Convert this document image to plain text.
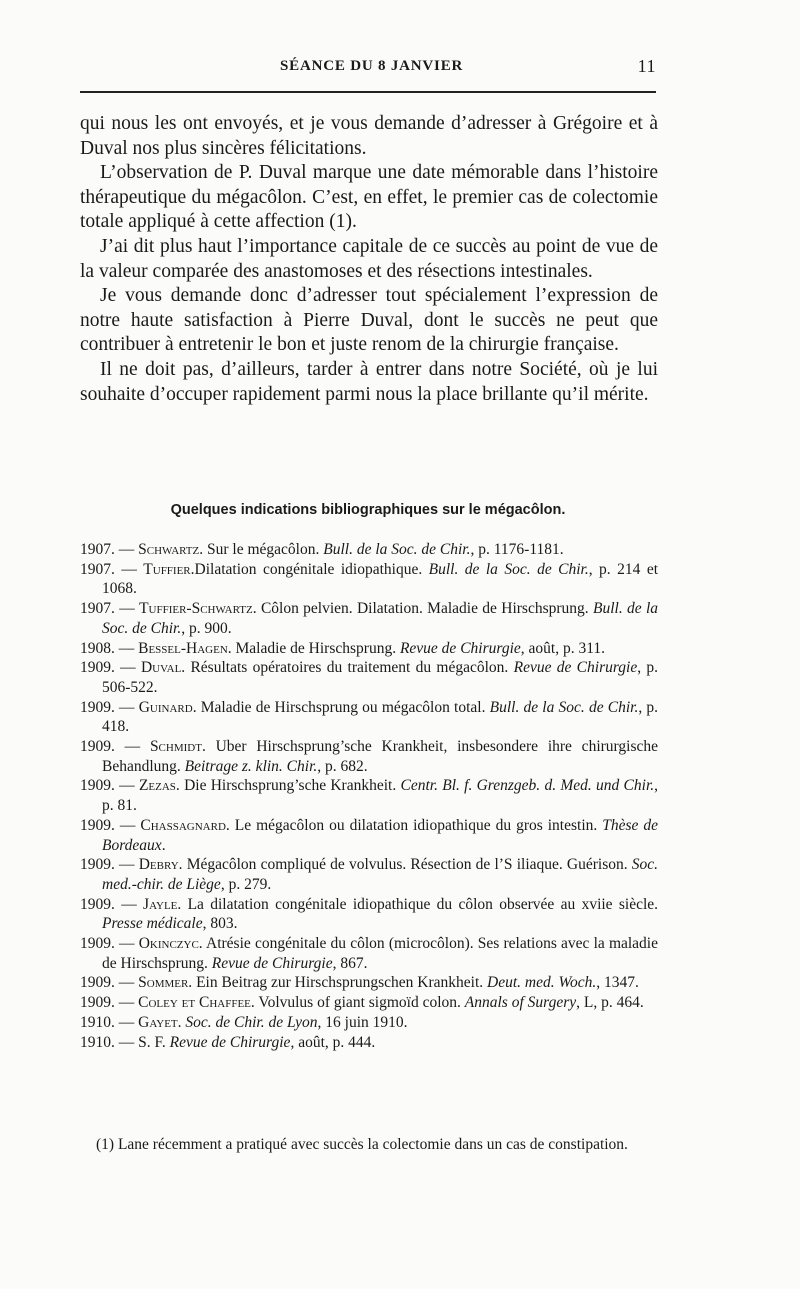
SÉANCE DU 8 JANVIER	11

qui nous les ont envoyés, et je vous demande d’adresser à Grégoire et à Duval nos plus sincères félicitations.

L’observation de P. Duval marque une date mémorable dans l’histoire thérapeutique du mégacôlon. C’est, en effet, le premier cas de colectomie totale appliqué à cette affection (1).

J’ai dit plus haut l’importance capitale de ce succès au point de vue de la valeur comparée des anastomoses et des résections intestinales.

Je vous demande donc d’adresser tout spécialement l’expression de notre haute satisfaction à Pierre Duval, dont le succès ne peut que contribuer à entretenir le bon et juste renom de la chirurgie française.

Il ne doit pas, d’ailleurs, tarder à entrer dans notre Société, où je lui souhaite d’occuper rapidement parmi nous la place brillante qu’il mérite.

Quelques indications bibliographiques sur le mégacôlon.

1907. — Schwartz. Sur le mégacôlon. Bull. de la Soc. de Chir., p. 1176-1181.

1907. — Tuffier.Dilatation congénitale idiopathique. Bull. de la Soc. de Chir., p. 214 et 1068.

1907. — Tuffier-Schwartz. Côlon pelvien. Dilatation. Maladie de Hirschsprung. Bull. de la Soc. de Chir., p. 900.

1908. — Bessel-Hagen. Maladie de Hirschsprung. Revue de Chirurgie, août, p. 311.

1909. — Duval. Résultats opératoires du traitement du mégacôlon. Revue de Chirurgie, p. 506-522.

1909. — Guinard. Maladie de Hirschsprung ou mégacôlon total. Bull. de la Soc. de Chir., p. 418.

1909. — Schmidt. Uber Hirschsprung’sche Krankheit, insbesondere ihre chirurgische Behandlung. Beitrage z. klin. Chir., p. 682.

1909. — Zezas. Die Hirschsprung’sche Krankheit. Centr. Bl. f. Grenzgeb. d. Med. und Chir., p. 81.

1909. — Chassagnard. Le mégacôlon ou dilatation idiopathique du gros intestin. Thèse de Bordeaux.

1909. — Debry. Mégacôlon compliqué de volvulus. Résection de l’S iliaque. Guérison. Soc. med.-chir. de Liège, p. 279.

1909. — Jayle. La dilatation congénitale idiopathique du côlon observée au xviie siècle. Presse médicale, 803.

1909. — Okinczyc. Atrésie congénitale du côlon (microcôlon). Ses relations avec la maladie de Hirschsprung. Revue de Chirurgie, 867.

1909. — Sommer. Ein Beitrag zur Hirschsprungschen Krankheit. Deut. med. Woch., 1347.

1909. — Coley et Chaffee. Volvulus of giant sigmoïd colon. Annals of Surgery, L, p. 464.

1910. — Gayet. Soc. de Chir. de Lyon, 16 juin 1910.

1910. — S. F. Revue de Chirurgie, août, p. 444.

(1) Lane récemment a pratiqué avec succès la colectomie dans un cas de constipation.
